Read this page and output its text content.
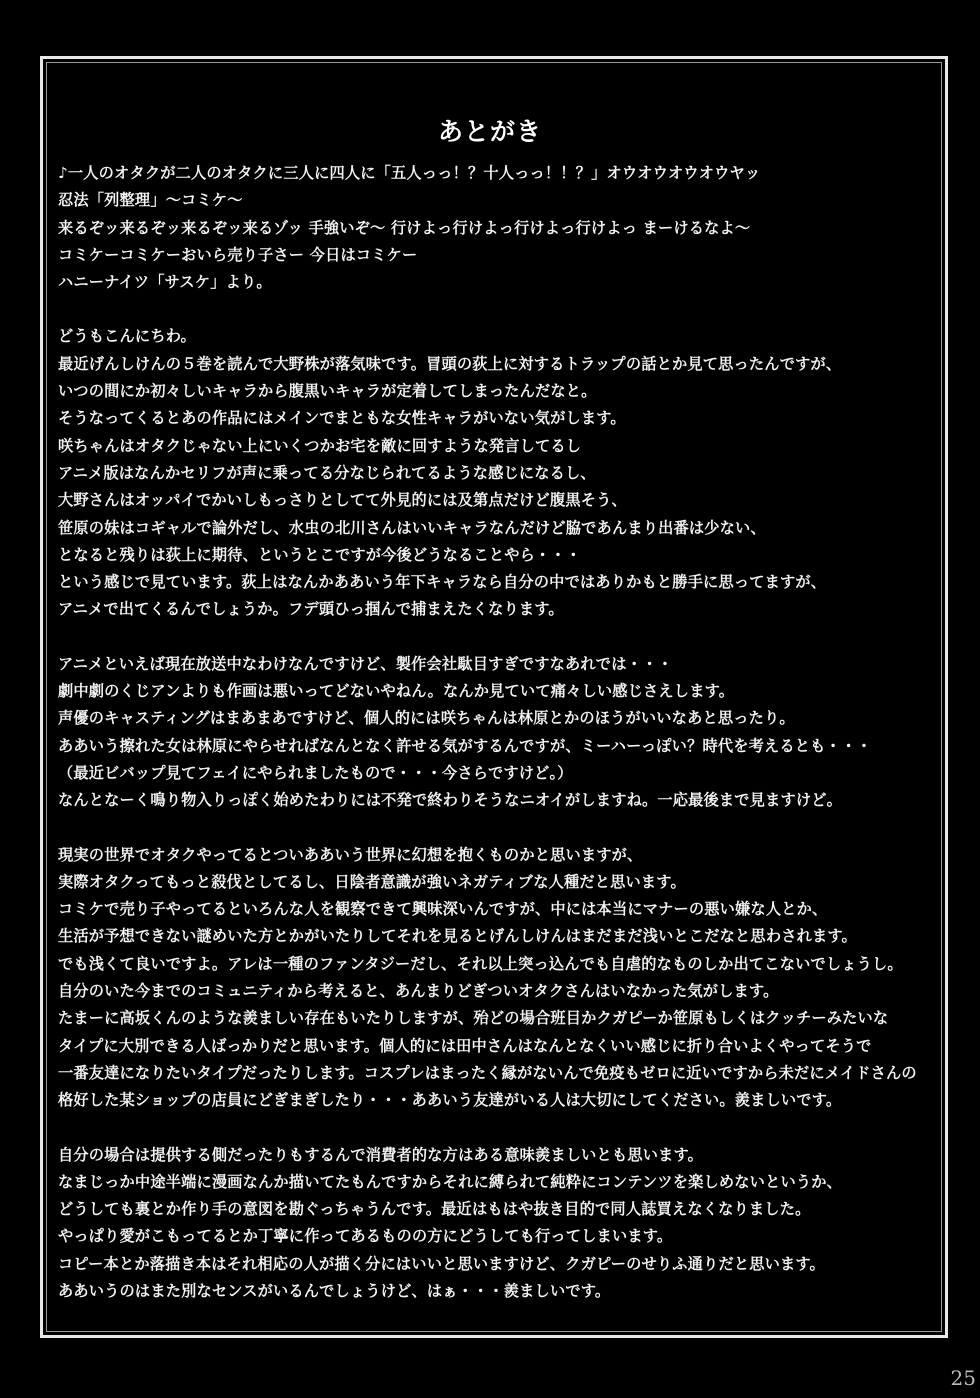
あとがき
♪一人のオタクが二人のオタクに三人に四人に「五人っっ！？十人っっ！！？」オウオウオウオウヤッ
忍法「列整理」〜コミケ〜
来るぞッ来るぞッ来るぞッ来るゾッ 手強いぞ〜 行けよっ行けよっ行けよっ行けよっ まーけるなよ〜
コミケーコミケーおいら売り子さー 今日はコミケー
ハニーナイツ「サスケ」より。
どうもこんにちわ。
最近げんしけんの５巻を読んで大野株が落気味です。冒頭の荻上に対するトラップの話とか見て思ったんですが、
いつの間にか初々しいキャラから腹黒いキャラが定着してしまったんだなと。
そうなってくるとあの作品にはメインでまともな女性キャラがいない気がします。
咲ちゃんはオタクじゃない上にいくつかお宅を敵に回すような発言してるし
アニメ版はなんかセリフが声に乗ってる分なじられてるような感じになるし、
大野さんはオッパイでかいしもっさりとしてて外見的には及第点だけど腹黒そう、
笹原の妹はコギャルで論外だし、水虫の北川さんはいいキャラなんだけど脇であんまり出番は少ない、
となると残りは荻上に期待、というとこですが今後どうなることやら・・・
という感じで見ています。荻上はなんかああいう年下キャラなら自分の中ではありかもと勝手に思ってますが、
アニメで出てくるんでしょうか。フデ頭ひっ掴んで捕まえたくなります。
アニメといえば現在放送中なわけなんですけど、製作会社駄目すぎですなあれでは・・・
劇中劇のくじアンよりも作画は悪いってどないやねん。なんか見ていて痛々しい感じさえします。
声優のキャスティングはまあまあですけど、個人的には咲ちゃんは林原とかのほうがいいなあと思ったり。
ああいう擦れた女は林原にやらせればなんとなく許せる気がするんですが、ミーハーっぽい？時代を考えるとも・・・
（最近ビバップ見てフェイにやられましたもので・・・今さらですけど。）
なんとなーく鳴り物入りっぽく始めたわりには不発で終わりそうなニオイがしますね。一応最後まで見ますけど。
現実の世界でオタクやってるとついああいう世界に幻想を抱くものかと思いますが、
実際オタクってもっと殺伐としてるし、日陰者意識が強いネガティブな人種だと思います。
コミケで売り子やってるといろんな人を観察できて興味深いんですが、中には本当にマナーの悪い嫌な人とか、
生活が予想できない謎めいた方とかがいたりしてそれを見るとげんしけんはまだまだ浅いとこだなと思わされます。
でも浅くて良いですよ。アレは一種のファンタジーだし、それ以上突っ込んでも自虐的なものしか出てこないでしょうし。
自分のいた今までのコミュニティから考えると、あんまりどぎついオタクさんはいなかった気がします。
たまーに高坂くんのような羨ましい存在もいたりしますが、殆どの場合班目かクガピーか笹原もしくはクッチーみたいな
タイプに大別できる人ばっかりだと思います。個人的には田中さんはなんとなくいい感じに折り合いよくやってそうで
一番友達になりたいタイプだったりします。コスプレはまったく縁がないんで免疫もゼロに近いですから未だにメイドさんの
格好した某ショップの店員にどぎまぎしたり・・・ああいう友達がいる人は大切にしてください。羨ましいです。
自分の場合は提供する側だったりもするんで消費者的な方はある意味羨ましいとも思います。
なまじっか中途半端に漫画なんか描いてたもんですからそれに縛られて純粋にコンテンツを楽しめないというか、
どうしても裏とか作り手の意図を勘ぐっちゃうんです。最近はもはや抜き目的で同人誌買えなくなりました。
やっぱり愛がこもってるとか丁寧に作ってあるものの方にどうしても行ってしまいます。
コピー本とか落描き本はそれ相応の人が描く分にはいいと思いますけど、クガピーのせりふ通りだと思います。
ああいうのはまた別なセンスがいるんでしょうけど、はぁ・・・羨ましいです。
25
